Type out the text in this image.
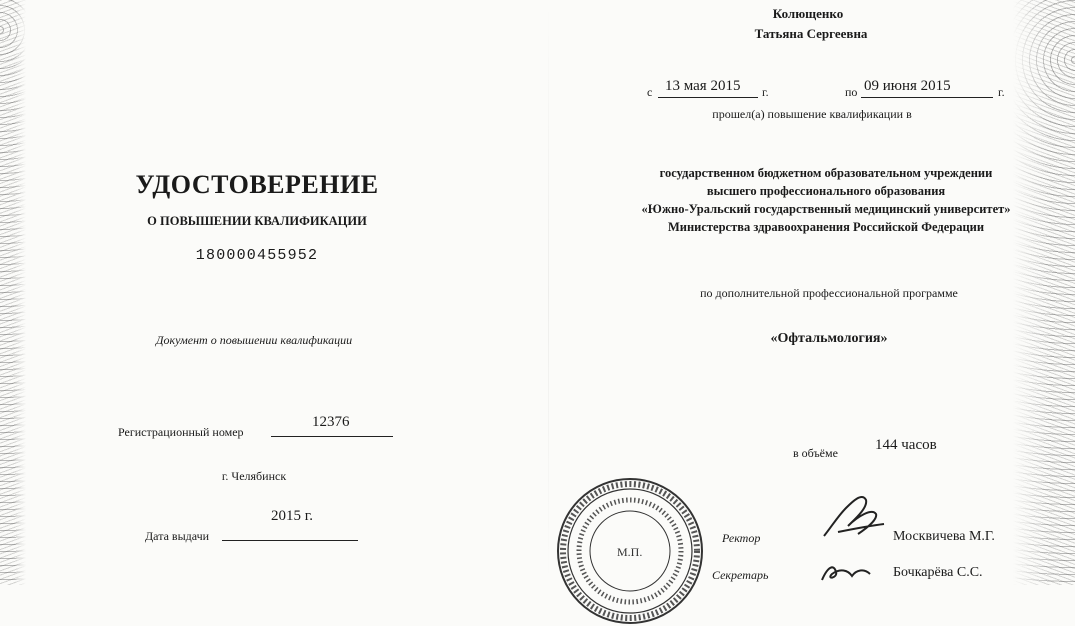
УДОСТОВЕРЕНИЕ
О ПОВЫШЕНИИ КВАЛИФИКАЦИИ
180000455952
Документ о повышении квалификации
Регистрационный номер
12376
г. Челябинск
2015 г.
Дата выдачи
Колющенко
Татьяна Сергеевна
с 13 мая 2015 г.	по 09 июня 2015	г.
прошел(а) повышение квалификации в
государственном бюджетном образовательном учреждении
высшего профессионального образования
«Южно-Уральский государственный медицинский университет»
Министерства здравоохранения Российской Федерации
по дополнительной профессиональной программе
«Офтальмология»
в объёме 144 часов
М.П.
Ректор	Москвичева М.Г.
Секретарь	Бочкарёва С.С.
